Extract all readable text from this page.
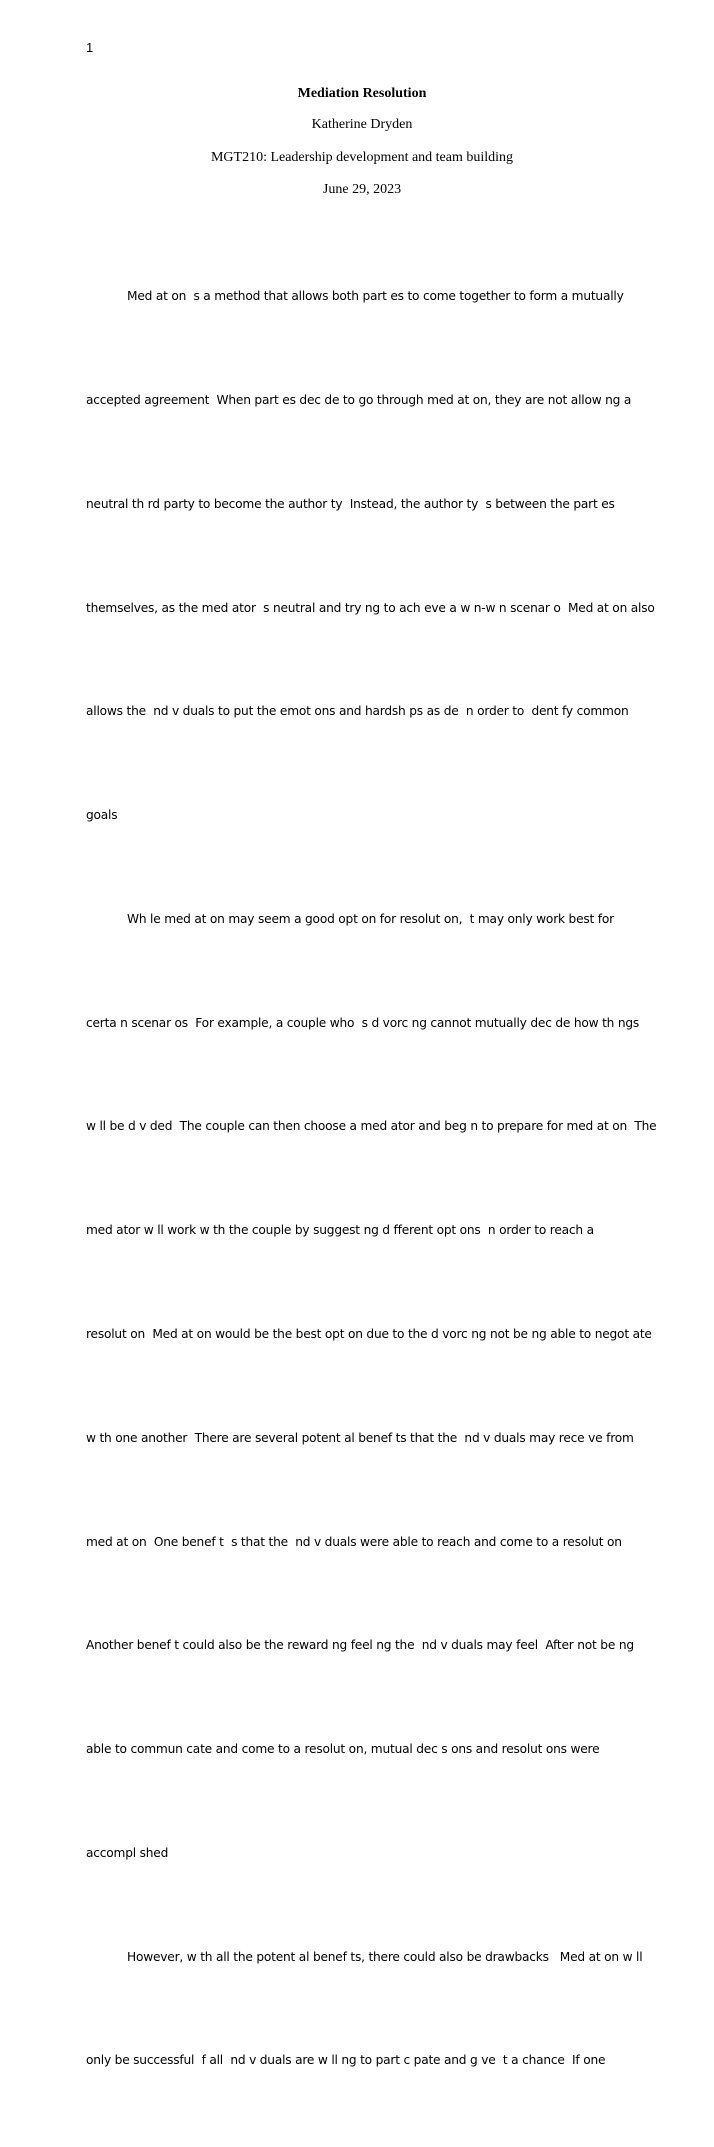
1
Mediation Resolution
Katherine Dryden
MGT210: Leadership development and team building
June 29, 2023

Med at on  s a method that allows both part es to come together to form a mutually

accepted agreement  When part es dec de to go through med at on, they are not allow ng a

neutral th rd party to become the author ty  Instead, the author ty  s between the part es

themselves, as the med ator  s neutral and try ng to ach eve a w n-w n scenar o  Med at on also

allows the  nd v duals to put the emot ons and hardsh ps as de  n order to  dent fy common

goals

Wh le med at on may seem a good opt on for resolut on,  t may only work best for

certa n scenar os  For example, a couple who  s d vorc ng cannot mutually dec de how th ngs

w ll be d v ded  The couple can then choose a med ator and beg n to prepare for med at on  The

med ator w ll work w th the couple by suggest ng d fferent opt ons  n order to reach a

resolut on  Med at on would be the best opt on due to the d vorc ng not be ng able to negot ate

w th one another  There are several potent al benef ts that the  nd v duals may rece ve from

med at on  One benef t  s that the  nd v duals were able to reach and come to a resolut on

Another benef t could also be the reward ng feel ng the  nd v duals may feel  After not be ng

able to commun cate and come to a resolut on, mutual dec s ons and resolut ons were

accompl shed

However, w th all the potent al benef ts, there could also be drawbacks   Med at on w ll

only be successful  f all  nd v duals are w ll ng to part c pate and g ve  t a chance  If one
